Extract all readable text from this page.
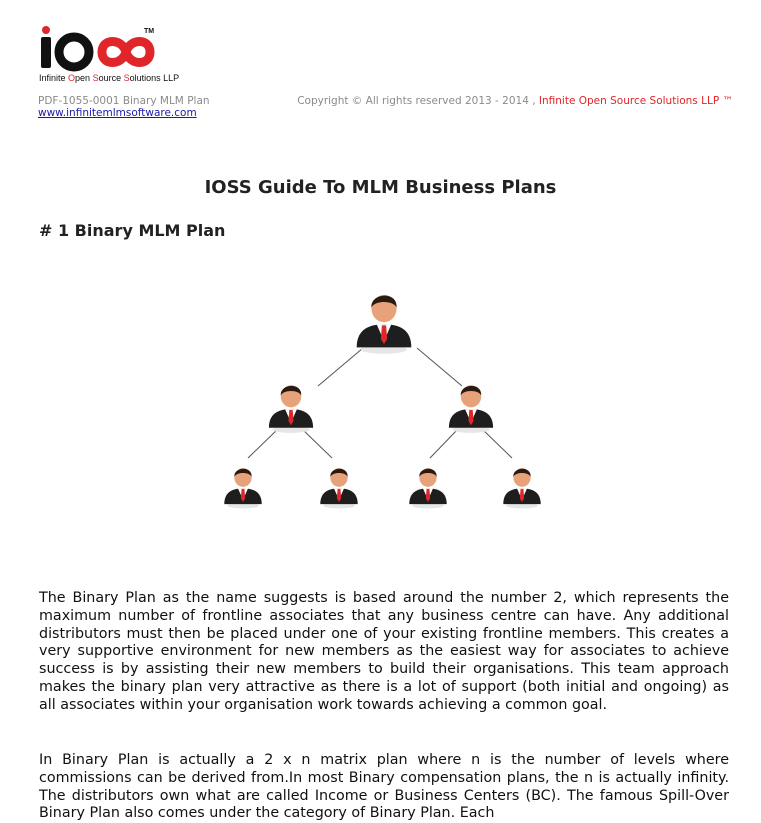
TM
Infinite Open Source Solutions LLP
PDF-1055-0001 Binary MLM Plan
www.infinitemlmsoftware.com
Copyright © All rights reserved 2013 - 2014 , Infinite Open Source Solutions LLP ™
IOSS Guide To MLM Business Plans
# 1 Binary MLM Plan

The Binary Plan as the name suggests is based around the number 2, which represents the maximum number of frontline associates that any business centre can have. Any additional distributors must then be placed under one of your existing frontline members. This creates a very supportive environment for new members as the easiest way for associates to achieve success is by assisting their new members to build their organisations. This team approach makes the binary plan very attractive as there is a lot of support (both initial and ongoing) as all associates within your organisation work towards achieving a common goal.

In Binary Plan is actually a 2 x n matrix plan where n is the number of levels where commissions can be derived from.In most Binary compensation plans, the n is actually infinity. The distributors own what are called Income or Business Centers (BC). The famous Spill-Over Binary Plan also comes under the category of Binary Plan. Each
